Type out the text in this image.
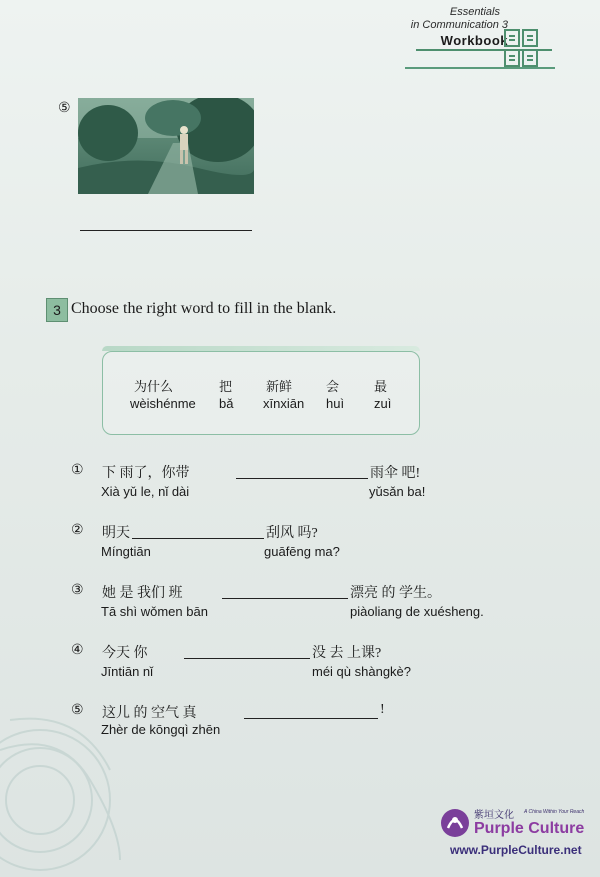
Essentials
in Communication 3
Workbook
⑤
3 Choose the right word to fill in the blank.
为什么	把	新鲜	会	最
wèishénme bǎ xīnxiān huì zuì
① 下 雨了，你带	雨伞 吧!
Xià yǔ le, nǐ dài	yǔsǎn ba!
② 明天	刮风 吗?
Míngtiān	guāfēng ma?
③ 她 是 我们 班	漂亮 的 学生。
Tā shì wǒmen bān	piàoliang de xuésheng.
④ 今天 你	没 去 上课?
Jīntiān nǐ	méi qù shàngkè?
⑤ 这儿 的 空气 真	!
Zhèr de kōngqì zhēn
紫垣文化 A China Within Your Reach
Purple Culture
www.PurpleCulture.net
